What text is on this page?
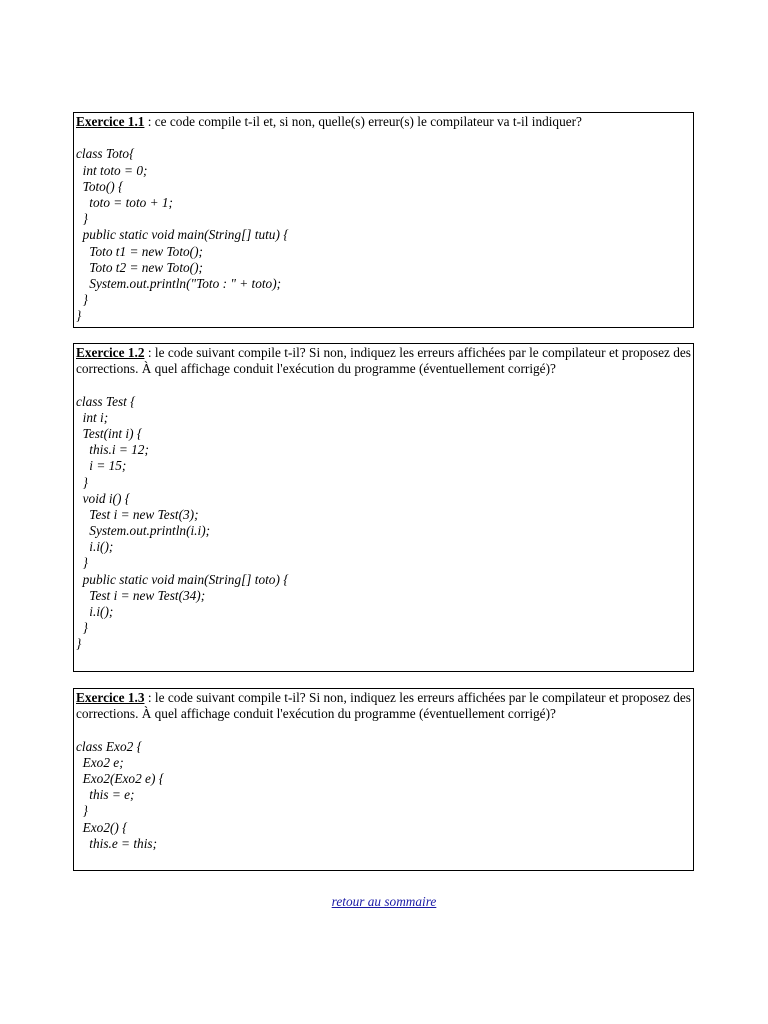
Exercice 1.1 : ce code compile t-il et, si non, quelle(s) erreur(s) le compilateur va t-il indiquer?

class Toto{
int toto = 0;
Toto() {
toto = toto + 1;
}
public static void main(String[] tutu) {
Toto t1 = new Toto();
Toto t2 = new Toto();
System.out.println("Toto : " + toto);
}
}

Exercice 1.2 : le code suivant compile t-il? Si non, indiquez les erreurs affichées par le compilateur et proposez des corrections. À quel affichage conduit l'exécution du programme (éventuellement corrigé)?

class Test {
int i;
Test(int i) {
this.i = 12;
i = 15;
}
void i() {
Test i = new Test(3);
System.out.println(i.i);
i.i();
}
public static void main(String[] toto) {
Test i = new Test(34);
i.i();
}
}

Exercice 1.3 : le code suivant compile t-il? Si non, indiquez les erreurs affichées par le compilateur et proposez des corrections. À quel affichage conduit l'exécution du programme (éventuellement corrigé)?

class Exo2 {
Exo2 e;
Exo2(Exo2 e) {
this = e;
}
Exo2() {
this.e = this;
retour au sommaire
